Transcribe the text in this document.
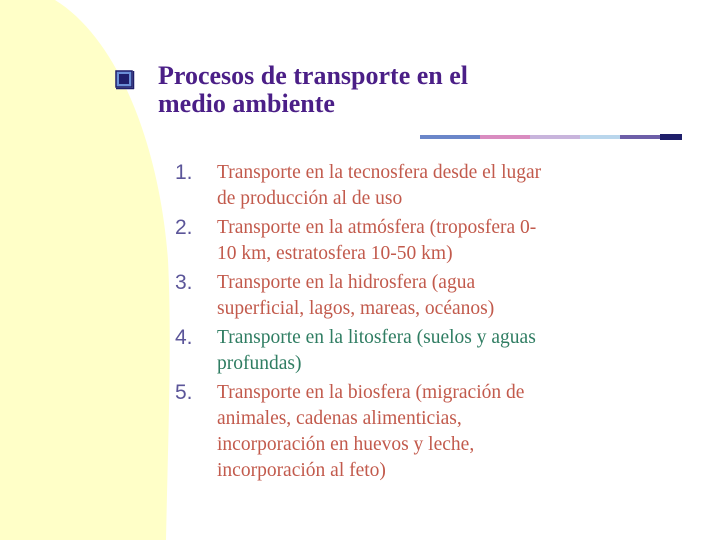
Procesos de transporte en el
medio ambiente
1.	Transporte en la tecnosfera desde el lugar
de producción al de uso
2.	Transporte en la atmósfera (troposfera 0-
10 km, estratosfera 10-50 km)
3.	Transporte en la hidrosfera (agua
superficial, lagos, mareas, océanos)
4.	Transporte en la litosfera (suelos y aguas
profundas)
5.	Transporte en la biosfera (migración de
animales, cadenas alimenticias,
incorporación en huevos y leche,
incorporación al feto)
